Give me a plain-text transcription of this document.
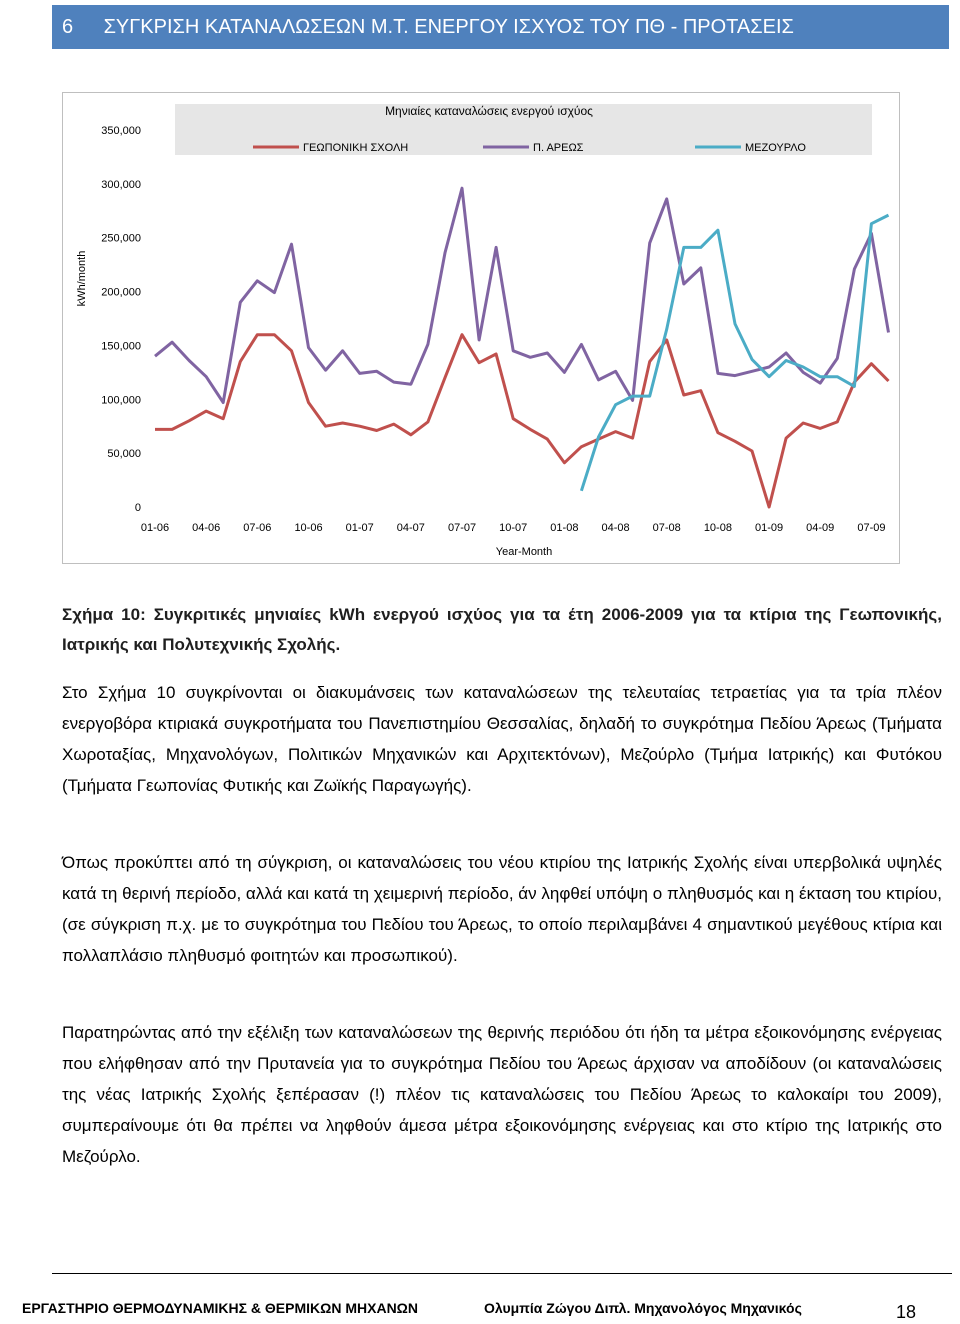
6 ΣΥΓΚΡΙΣΗ ΚΑΤΑΝΑΛΩΣΕΩΝ Μ.Τ. ΕΝΕΡΓΟΥ ΙΣΧΥΟΣ ΤΟΥ ΠΘ - ΠΡΟΤΑΣΕΙΣ
Μηνιαίες καταναλώσεις ενεργού ισχύος
ΓΕΩΠΟΝΙΚΗ ΣΧΟΛΗ	Π. ΑΡΕΩΣ	ΜΕΖΟΥΡΛΟ
0
50,000
100,000
150,000
200,000
250,000
300,000
350,000
kWh/month
01-06 04-06 07-06 10-06 01-07 04-07 07-07 10-07 01-08 04-08 07-08 10-08 01-09 04-09 07-09
Year-Month
Σχήμα 10: Συγκριτικές μηνιαίες kWh ενεργού ισχύος για τα έτη 2006-2009 για τα κτίρια της Γεωπονικής, Ιατρικής και Πολυτεχνικής Σχολής.
Στο Σχήμα 10 συγκρίνονται οι διακυμάνσεις των καταναλώσεων της τελευταίας τετραετίας για τα τρία πλέον ενεργοβόρα κτιριακά συγκροτήματα του Πανεπιστημίου Θεσσαλίας, δηλαδή το συγκρότημα Πεδίου Άρεως (Τμήματα Χωροταξίας, Μηχανολόγων, Πολιτικών Μηχανικών και Αρχιτεκτόνων), Μεζούρλο (Τμήμα Ιατρικής) και Φυτόκου (Τμήματα Γεωπονίας Φυτικής και Ζωϊκής Παραγωγής).
Όπως προκύπτει από τη σύγκριση, οι καταναλώσεις του νέου κτιρίου της Ιατρικής Σχολής είναι υπερβολικά υψηλές κατά τη θερινή περίοδο, αλλά και κατά τη χειμερινή περίοδο, άν ληφθεί υπόψη ο πληθυσμός και η έκταση του κτιρίου, (σε σύγκριση π.χ. με το συγκρότημα του Πεδίου του Άρεως, το οποίο περιλαμβάνει 4 σημαντικού μεγέθους κτίρια και πολλαπλάσιο πληθυσμό φοιτητών και προσωπικού).
Παρατηρώντας από την εξέλιξη των καταναλώσεων της θερινής περιόδου ότι ήδη τα μέτρα εξοικονόμησης ενέργειας που ελήφθησαν από την Πρυτανεία για το συγκρότημα Πεδίου του Άρεως άρχισαν να αποδίδουν (οι καταναλώσεις της νέας Ιατρικής Σχολής ξεπέρασαν (!) πλέον τις καταναλώσεις του Πεδίου Άρεως το καλοκαίρι του 2009), συμπεραίνουμε ότι θα πρέπει να ληφθούν άμεσα μέτρα εξοικονόμησης ενέργειας και στο κτίριο της Ιατρικής στο Μεζούρλο.
ΕΡΓΑΣΤΗΡΙΟ ΘΕΡΜΟΔΥΝΑΜΙΚΗΣ & ΘΕΡΜΙΚΩΝ ΜΗΧΑΝΩΝ	Ολυμπία Ζώγου Διπλ. Μηχανολόγος Μηχανικός	18
